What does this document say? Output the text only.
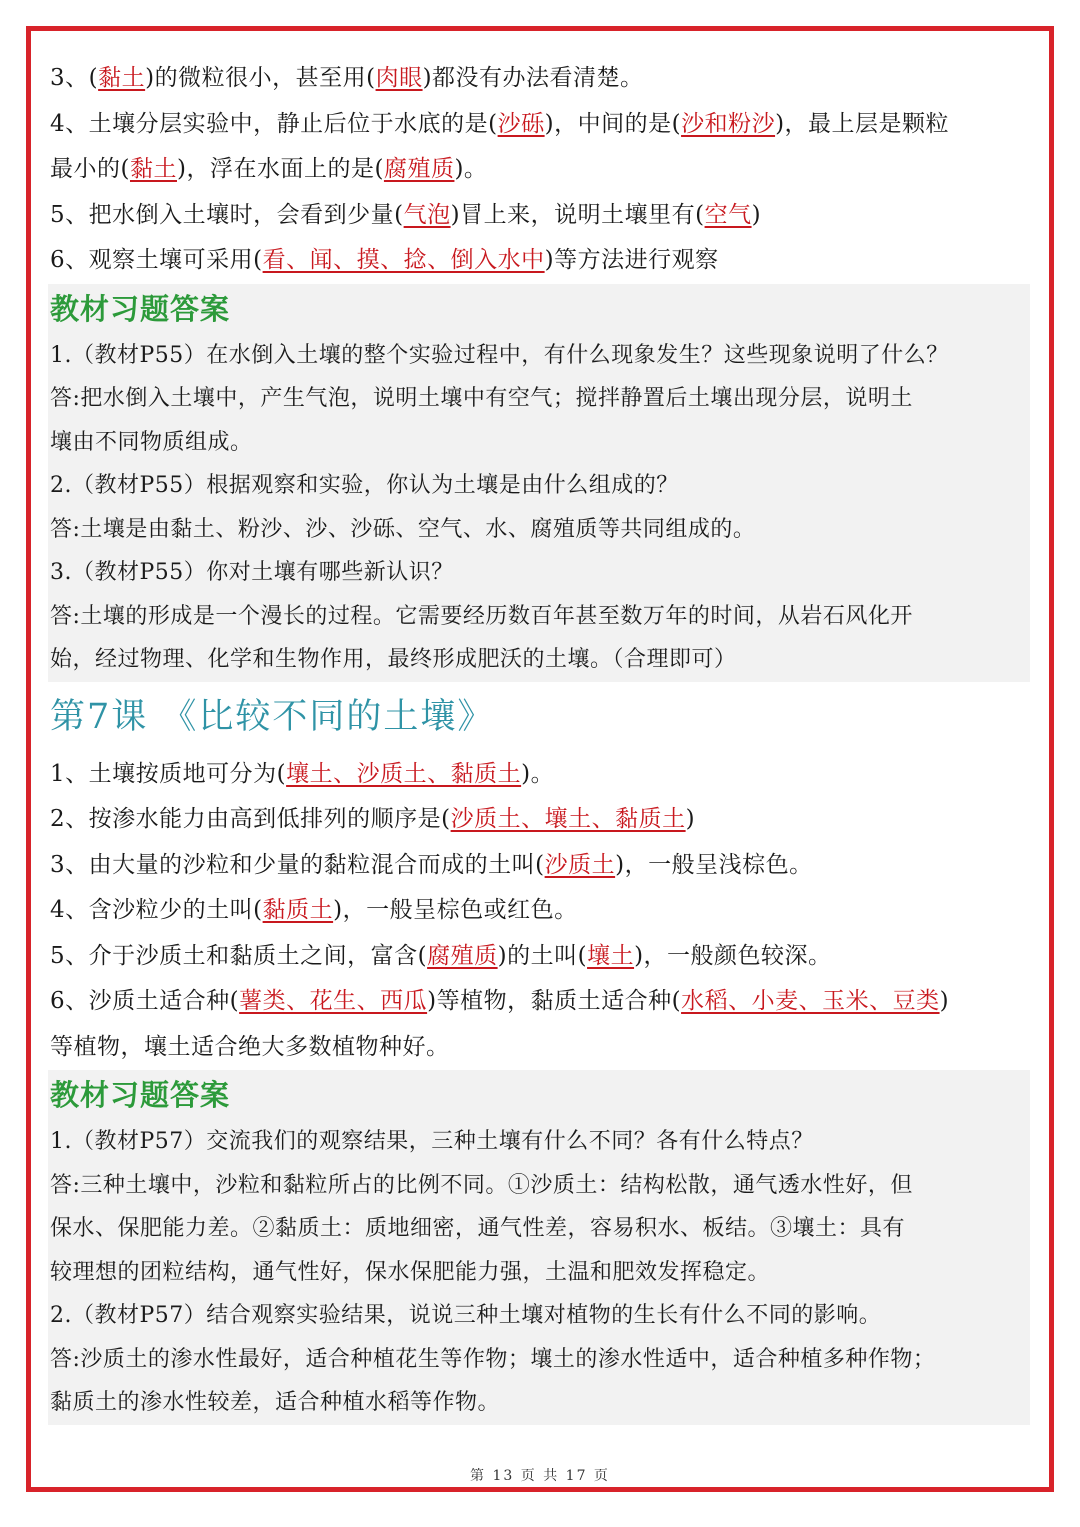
3、(黏土)的微粒很小，甚至用(肉眼)都没有办法看清楚。
4、土壤分层实验中，静止后位于水底的是(沙砾)，中间的是(沙和粉沙)，最上层是颗粒
最小的(黏土)，浮在水面上的是(腐殖质)。
5、把水倒入土壤时，会看到少量(气泡)冒上来，说明土壤里有(空气)
6、观察土壤可采用(看、闻、摸、捻、倒入水中)等方法进行观察
教材习题答案
1.（教材P55）在水倒入土壤的整个实验过程中，有什么现象发生？这些现象说明了什么？
答:把水倒入土壤中，产生气泡，说明土壤中有空气；搅拌静置后土壤出现分层，说明土
壤由不同物质组成。
2.（教材P55）根据观察和实验，你认为土壤是由什么组成的？
答:土壤是由黏土、粉沙、沙、沙砾、空气、水、腐殖质等共同组成的。
3.（教材P55）你对土壤有哪些新认识？
答:土壤的形成是一个漫长的过程。它需要经历数百年甚至数万年的时间，从岩石风化开
始，经过物理、化学和生物作用，最终形成肥沃的土壤。（合理即可）
第7课 《比较不同的土壤》
1、土壤按质地可分为(壤土、沙质土、黏质土)。
2、按渗水能力由高到低排列的顺序是(沙质土、壤土、黏质土)
3、由大量的沙粒和少量的黏粒混合而成的土叫(沙质土)，一般呈浅棕色。
4、含沙粒少的土叫(黏质土)，一般呈棕色或红色。
5、介于沙质土和黏质土之间，富含(腐殖质)的土叫(壤土)，一般颜色较深。
6、沙质土适合种(薯类、花生、西瓜)等植物，黏质土适合种(水稻、小麦、玉米、豆类)
等植物，壤土适合绝大多数植物种好。
教材习题答案
1.（教材P57）交流我们的观察结果，三种土壤有什么不同？各有什么特点？
答:三种土壤中，沙粒和黏粒所占的比例不同。①沙质土：结构松散，通气透水性好，但
保水、保肥能力差。②黏质土：质地细密，通气性差，容易积水、板结。③壤土：具有
较理想的团粒结构，通气性好，保水保肥能力强，土温和肥效发挥稳定。
2.（教材P57）结合观察实验结果，说说三种土壤对植物的生长有什么不同的影响。
答:沙质土的渗水性最好，适合种植花生等作物；壤土的渗水性适中，适合种植多种作物；
黏质土的渗水性较差，适合种植水稻等作物。
第 13 页 共 17 页
